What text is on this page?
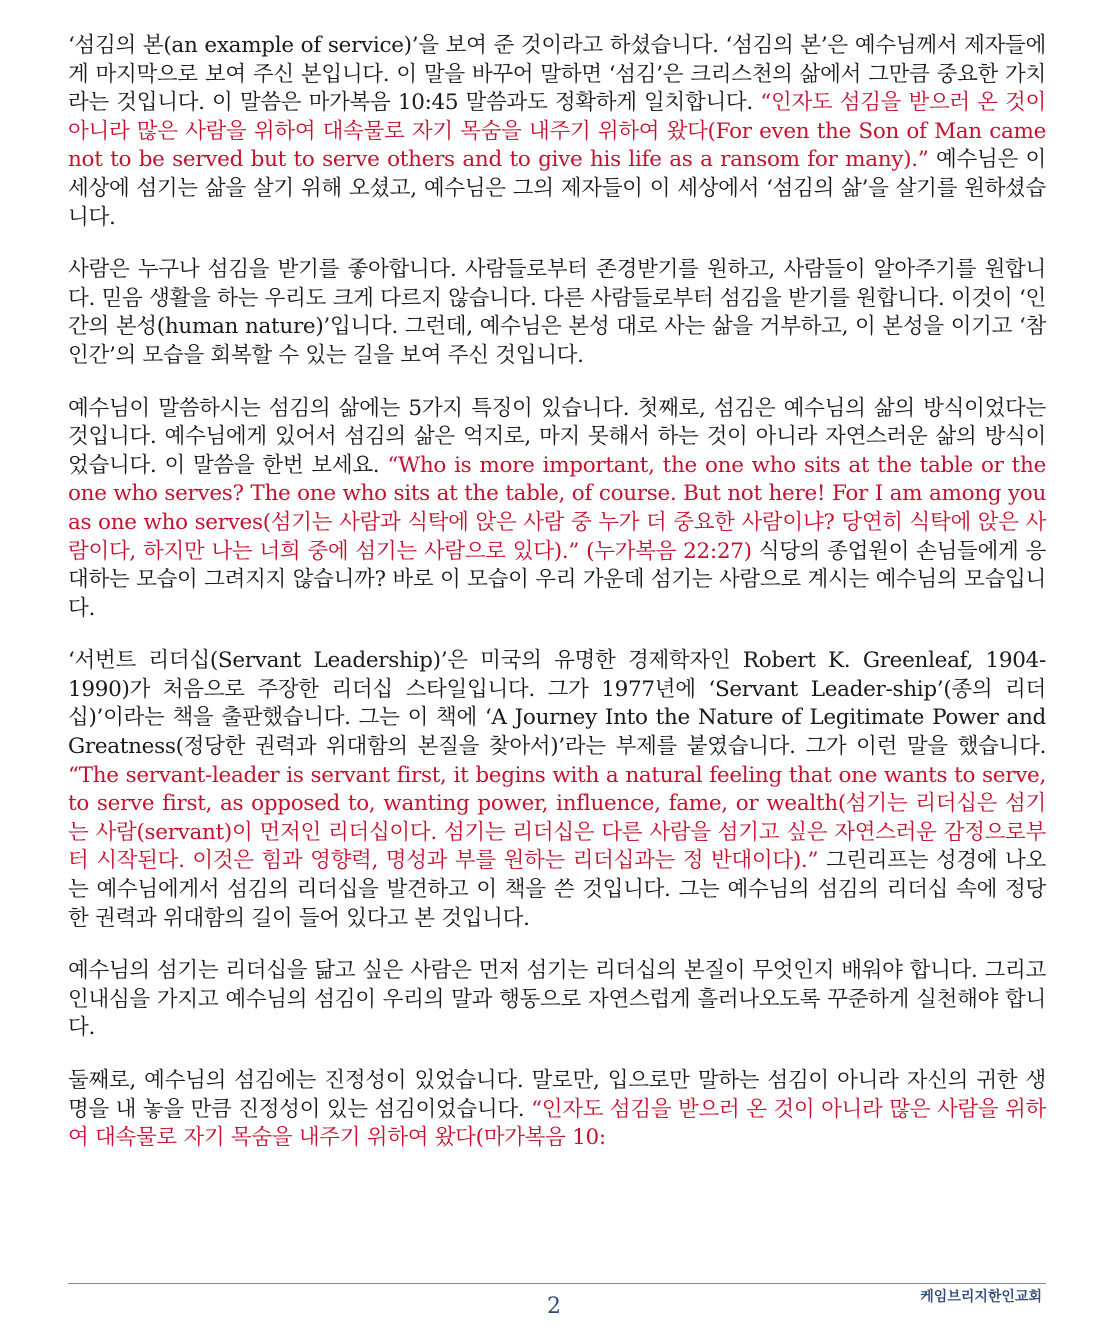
‘섬김의 본(an example of service)’을 보여 준 것이라고 하셨습니다. ‘섬김의 본’은 예수님께서 제자들에게 마지막으로 보여 주신 본입니다. 이 말을 바꾸어 말하면 ‘섬김’은 크리스천의 삶에서 그만큼 중요한 가치라는 것입니다. 이 말씀은 마가복음 10:45 말씀과도 정확하게 일치합니다. “인자도 섬김을 받으러 온 것이 아니라 많은 사람을 위하여 대속물로 자기 목숨을 내주기 위하여 왔다(For even the Son of Man came not to be served but to serve others and to give his life as a ransom for many).” 예수님은 이 세상에 섬기는 삶을 살기 위해 오셨고, 예수님은 그의 제자들이 이 세상에서 ‘섬김의 삶’을 살기를 원하셨습니다.

사람은 누구나 섬김을 받기를 좋아합니다. 사람들로부터 존경받기를 원하고, 사람들이 알아주기를 원합니다. 믿음 생활을 하는 우리도 크게 다르지 않습니다. 다른 사람들로부터 섬김을 받기를 원합니다. 이것이 ‘인간의 본성(human nature)’입니다. 그런데, 예수님은 본성 대로 사는 삶을 거부하고, 이 본성을 이기고 ‘참 인간’의 모습을 회복할 수 있는 길을 보여 주신 것입니다.

예수님이 말씀하시는 섬김의 삶에는 5가지 특징이 있습니다. 첫째로, 섬김은 예수님의 삶의 방식이었다는 것입니다. 예수님에게 있어서 섬김의 삶은 억지로, 마지 못해서 하는 것이 아니라 자연스러운 삶의 방식이었습니다. 이 말씀을 한번 보세요. “Who is more important, the one who sits at the table or the one who serves? The one who sits at the table, of course. But not here! For I am among you as one who serves(섬기는 사람과 식탁에 앉은 사람 중 누가 더 중요한 사람이냐? 당연히 식탁에 앉은 사람이다, 하지만 나는 너희 중에 섬기는 사람으로 있다).” (누가복음 22:27) 식당의 종업원이 손님들에게 응대하는 모습이 그려지지 않습니까? 바로 이 모습이 우리 가운데 섬기는 사람으로 계시는 예수님의 모습입니다.

‘서번트 리더십(Servant Leadership)’은 미국의 유명한 경제학자인 Robert K. Greenleaf, 1904-1990)가 처음으로 주장한 리더십 스타일입니다. 그가 1977년에 ‘Servant Leader-ship’(종의 리더십)’이라는 책을 출판했습니다. 그는 이 책에 ‘A Journey Into the Nature of Legitimate Power and Greatness(정당한 권력과 위대함의 본질을 찾아서)’라는 부제를 붙였습니다. 그가 이런 말을 했습니다. “The servant-leader is servant first, it begins with a natural feeling that one wants to serve, to serve first, as opposed to, wanting power, influence, fame, or wealth(섬기는 리더십은 섬기는 사람(servant)이 먼저인 리더십이다. 섬기는 리더십은 다른 사람을 섬기고 싶은 자연스러운 감정으로부터 시작된다. 이것은 힘과 영향력, 명성과 부를 원하는 리더십과는 정 반대이다).” 그린리프는 성경에 나오는 예수님에게서 섬김의 리더십을 발견하고 이 책을 쓴 것입니다. 그는 예수님의 섬김의 리더십 속에 정당한 권력과 위대함의 길이 들어 있다고 본 것입니다.

예수님의 섬기는 리더십을 닮고 싶은 사람은 먼저 섬기는 리더십의 본질이 무엇인지 배워야 합니다. 그리고 인내심을 가지고 예수님의 섬김이 우리의 말과 행동으로 자연스럽게 흘러나오도록 꾸준하게 실천해야 합니다.

둘째로, 예수님의 섬김에는 진정성이 있었습니다. 말로만, 입으로만 말하는 섬김이 아니라 자신의 귀한 생명을 내 놓을 만큼 진정성이 있는 섬김이었습니다. “인자도 섬김을 받으러 온 것이 아니라 많은 사람을 위하여 대속물로 자기 목숨을 내주기 위하여 왔다(마가복음 10:

2	케임브리지한인교회
